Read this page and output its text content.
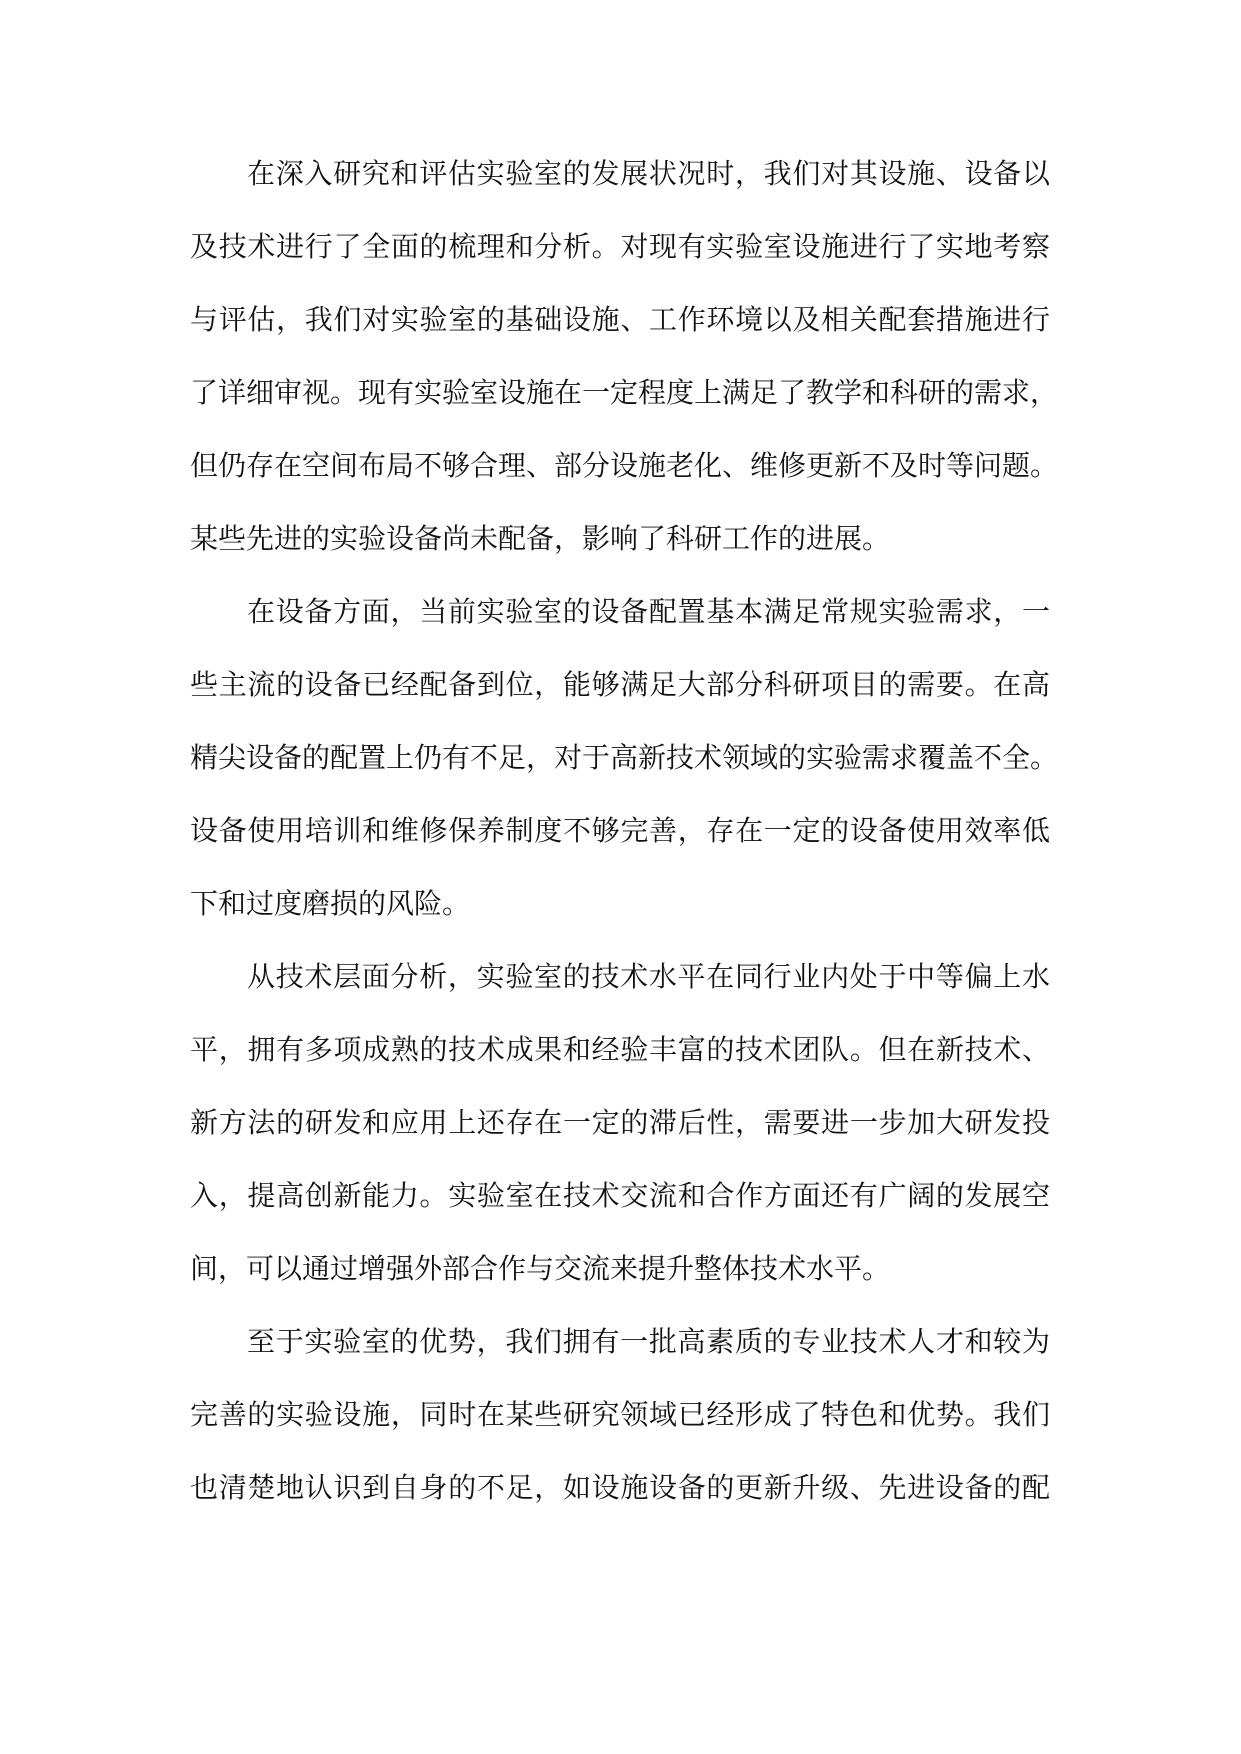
在深入研究和评估实验室的发展状况时，我们对其设施、设备以
及技术进行了全面的梳理和分析。对现有实验室设施进行了实地考察
与评估，我们对实验室的基础设施、工作环境以及相关配套措施进行
了详细审视。现有实验室设施在一定程度上满足了教学和科研的需求，
但仍存在空间布局不够合理、部分设施老化、维修更新不及时等问题。
某些先进的实验设备尚未配备，影响了科研工作的进展。
在设备方面，当前实验室的设备配置基本满足常规实验需求，一
些主流的设备已经配备到位，能够满足大部分科研项目的需要。在高
精尖设备的配置上仍有不足，对于高新技术领域的实验需求覆盖不全。
设备使用培训和维修保养制度不够完善，存在一定的设备使用效率低
下和过度磨损的风险。
从技术层面分析，实验室的技术水平在同行业内处于中等偏上水
平，拥有多项成熟的技术成果和经验丰富的技术团队。但在新技术、
新方法的研发和应用上还存在一定的滞后性，需要进一步加大研发投
入，提高创新能力。实验室在技术交流和合作方面还有广阔的发展空
间，可以通过增强外部合作与交流来提升整体技术水平。
至于实验室的优势，我们拥有一批高素质的专业技术人才和较为
完善的实验设施，同时在某些研究领域已经形成了特色和优势。我们
也清楚地认识到自身的不足，如设施设备的更新升级、先进设备的配
